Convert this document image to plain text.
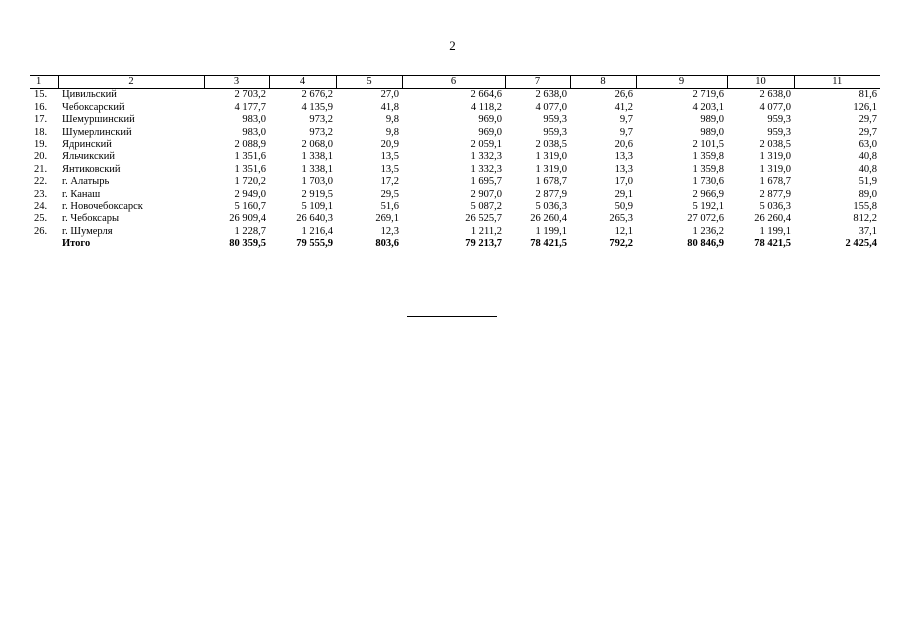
2
1	2	3	4	5	6	7	8	9	10	11
15.	Цивильский	2 703,2	2 676,2	27,0	2 664,6	2 638,0	26,6	2 719,6	2 638,0	81,6
16.	Чебоксарский	4 177,7	4 135,9	41,8	4 118,2	4 077,0	41,2	4 203,1	4 077,0	126,1
17.	Шемуршинский	983,0	973,2	9,8	969,0	959,3	9,7	989,0	959,3	29,7
18.	Шумерлинский	983,0	973,2	9,8	969,0	959,3	9,7	989,0	959,3	29,7
19.	Ядринский	2 088,9	2 068,0	20,9	2 059,1	2 038,5	20,6	2 101,5	2 038,5	63,0
20.	Яльчикский	1 351,6	1 338,1	13,5	1 332,3	1 319,0	13,3	1 359,8	1 319,0	40,8
21.	Янтиковский	1 351,6	1 338,1	13,5	1 332,3	1 319,0	13,3	1 359,8	1 319,0	40,8
22.	г. Алатырь	1 720,2	1 703,0	17,2	1 695,7	1 678,7	17,0	1 730,6	1 678,7	51,9
23.	г. Канаш	2 949,0	2 919,5	29,5	2 907,0	2 877,9	29,1	2 966,9	2 877,9	89,0
24.	г. Новочебоксарск	5 160,7	5 109,1	51,6	5 087,2	5 036,3	50,9	5 192,1	5 036,3	155,8
25.	г. Чебоксары	26 909,4	26 640,3	269,1	26 525,7	26 260,4	265,3	27 072,6	26 260,4	812,2
26.	г. Шумерля	1 228,7	1 216,4	12,3	1 211,2	1 199,1	12,1	1 236,2	1 199,1	37,1
	Итого	80 359,5	79 555,9	803,6	79 213,7	78 421,5	792,2	80 846,9	78 421,5	2 425,4
